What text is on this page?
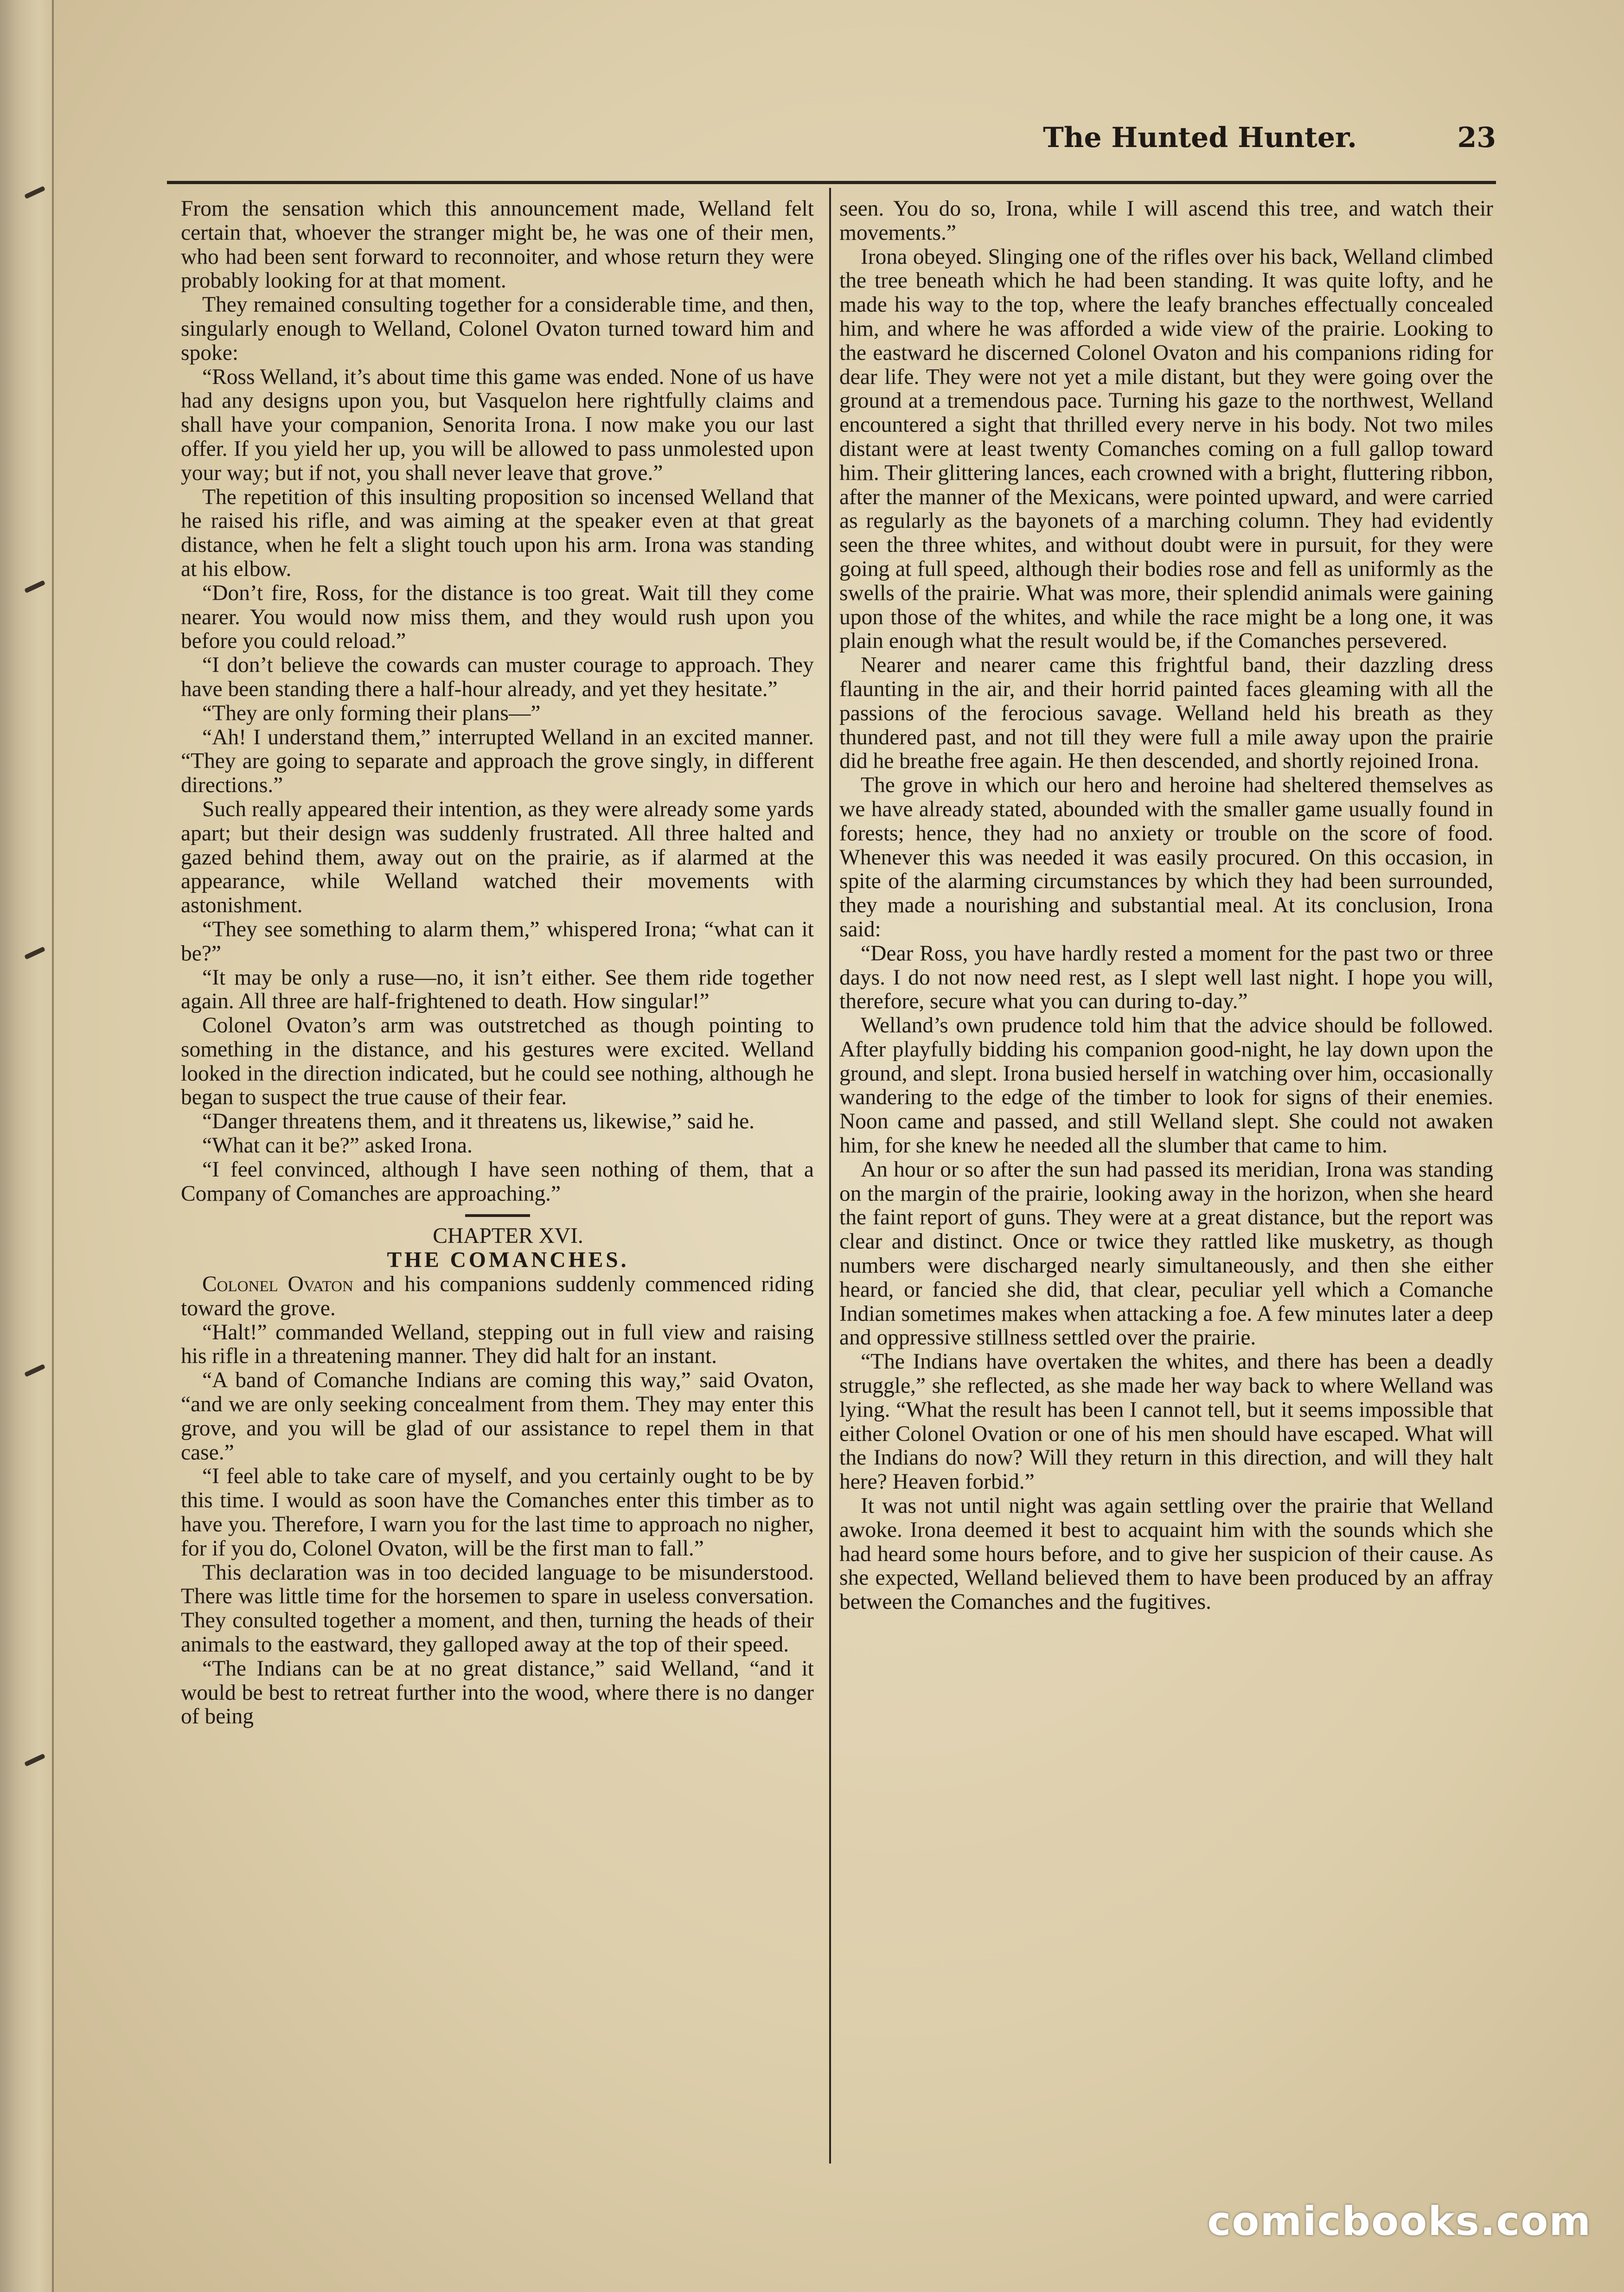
The Hunted Hunter.	23

From the sensation which this announcement made, Welland felt certain that, whoever the stranger might be, he was one of their men, who had been sent forward to reconnoiter, and whose return they were probably looking for at that moment.

They remained consulting together for a considerable time, and then, singularly enough to Welland, Colonel Ovaton turned toward him and spoke:

“Ross Welland, it’s about time this game was ended. None of us have had any designs upon you, but Vasquelon here rightfully claims and shall have your companion, Senorita Irona. I now make you our last offer. If you yield her up, you will be allowed to pass unmolested upon your way; but if not, you shall never leave that grove.”

The repetition of this insulting proposition so incensed Welland that he raised his rifle, and was aiming at the speaker even at that great distance, when he felt a slight touch upon his arm. Irona was standing at his elbow.

“Don’t fire, Ross, for the distance is too great. Wait till they come nearer. You would now miss them, and they would rush upon you before you could reload.”

“I don’t believe the cowards can muster courage to approach. They have been standing there a half-hour already, and yet they hesitate.”

“They are only forming their plans—”

“Ah! I understand them,” interrupted Welland in an excited manner. “They are going to separate and approach the grove singly, in different directions.”

Such really appeared their intention, as they were already some yards apart; but their design was suddenly frustrated. All three halted and gazed behind them, away out on the prairie, as if alarmed at the appearance, while Welland watched their movements with astonishment.

“They see something to alarm them,” whispered Irona; “what can it be?”

“It may be only a ruse—no, it isn’t either. See them ride together again. All three are half-frightened to death. How singular!”

Colonel Ovaton’s arm was outstretched as though pointing to something in the distance, and his gestures were excited. Welland looked in the direction indicated, but he could see nothing, although he began to suspect the true cause of their fear.

“Danger threatens them, and it threatens us, likewise,” said he.

“What can it be?” asked Irona.

“I feel convinced, although I have seen nothing of them, that a Company of Comanches are approaching.”

CHAPTER XVI.

THE COMANCHES.

Colonel Ovaton and his companions suddenly commenced riding toward the grove.

“Halt!” commanded Welland, stepping out in full view and raising his rifle in a threatening manner. They did halt for an instant.

“A band of Comanche Indians are coming this way,” said Ovaton, “and we are only seeking concealment from them. They may enter this grove, and you will be glad of our assistance to repel them in that case.”

“I feel able to take care of myself, and you certainly ought to be by this time. I would as soon have the Comanches enter this timber as to have you. Therefore, I warn you for the last time to approach no nigher, for if you do, Colonel Ovaton, will be the first man to fall.”

This declaration was in too decided language to be misunderstood. There was little time for the horsemen to spare in useless conversation. They consulted together a moment, and then, turning the heads of their animals to the eastward, they galloped away at the top of their speed.

“The Indians can be at no great distance,” said Welland, “and it would be best to retreat further into the wood, where there is no danger of being

seen. You do so, Irona, while I will ascend this tree, and watch their movements.”

Irona obeyed. Slinging one of the rifles over his back, Welland climbed the tree beneath which he had been standing. It was quite lofty, and he made his way to the top, where the leafy branches effectually concealed him, and where he was afforded a wide view of the prairie. Looking to the eastward he discerned Colonel Ovaton and his companions riding for dear life. They were not yet a mile distant, but they were going over the ground at a tremendous pace. Turning his gaze to the northwest, Welland encountered a sight that thrilled every nerve in his body. Not two miles distant were at least twenty Comanches coming on a full gallop toward him. Their glittering lances, each crowned with a bright, fluttering ribbon, after the manner of the Mexicans, were pointed upward, and were carried as regularly as the bayonets of a marching column. They had evidently seen the three whites, and without doubt were in pursuit, for they were going at full speed, although their bodies rose and fell as uniformly as the swells of the prairie. What was more, their splendid animals were gaining upon those of the whites, and while the race might be a long one, it was plain enough what the result would be, if the Comanches persevered.

Nearer and nearer came this frightful band, their dazzling dress flaunting in the air, and their horrid painted faces gleaming with all the passions of the ferocious savage. Welland held his breath as they thundered past, and not till they were full a mile away upon the prairie did he breathe free again. He then descended, and shortly rejoined Irona.

The grove in which our hero and heroine had sheltered themselves as we have already stated, abounded with the smaller game usually found in forests; hence, they had no anxiety or trouble on the score of food. Whenever this was needed it was easily procured. On this occasion, in spite of the alarming circumstances by which they had been surrounded, they made a nourishing and substantial meal. At its conclusion, Irona said:

“Dear Ross, you have hardly rested a moment for the past two or three days. I do not now need rest, as I slept well last night. I hope you will, therefore, secure what you can during to-day.”

Welland’s own prudence told him that the advice should be followed. After playfully bidding his companion good-night, he lay down upon the ground, and slept. Irona busied herself in watching over him, occasionally wandering to the edge of the timber to look for signs of their enemies. Noon came and passed, and still Welland slept. She could not awaken him, for she knew he needed all the slumber that came to him.

An hour or so after the sun had passed its meridian, Irona was standing on the margin of the prairie, looking away in the horizon, when she heard the faint report of guns. They were at a great distance, but the report was clear and distinct. Once or twice they rattled like musketry, as though numbers were discharged nearly simultaneously, and then she either heard, or fancied she did, that clear, peculiar yell which a Comanche Indian sometimes makes when attacking a foe. A few minutes later a deep and oppressive stillness settled over the prairie.

“The Indians have overtaken the whites, and there has been a deadly struggle,” she reflected, as she made her way back to where Welland was lying. “What the result has been I cannot tell, but it seems impossible that either Colonel Ovation or one of his men should have escaped. What will the Indians do now? Will they return in this direction, and will they halt here? Heaven forbid.”

It was not until night was again settling over the prairie that Welland awoke. Irona deemed it best to acquaint him with the sounds which she had heard some hours before, and to give her suspicion of their cause. As she expected, Welland believed them to have been produced by an affray between the Comanches and the fugitives.

comicbooks.com
